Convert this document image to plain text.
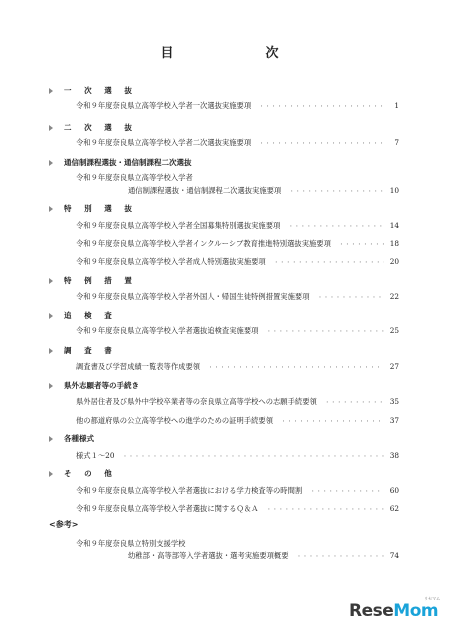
目　　次
一 次 選 抜
令和９年度奈良県立高等学校入学者一次選抜実施要項 ・・・・・・・・・・・・・・・・・・・・・・・・・・・・・・・・・・・・・・・・・・・・・・・・・・・・・・・・・・・・・・・・・・・・	1
二 次 選 抜
令和９年度奈良県立高等学校入学者二次選抜実施要項 ・・・・・・・・・・・・・・・・・・・・・・・・・・・・・・・・・・・・・・・・・・・・・・・・・・・・・・・・・・・・・・・・・・・・	7
通信制課程選抜・通信制課程二次選抜
令和９年度奈良県立高等学校入学者
通信制課程選抜・通信制課程二次選抜実施要項 ・・・・・・・・・・・・・・・・・・・・・・・・・・・・・・・・・・・・・・・・・・・・・・・・・・・・・・・・・・・・・・・・・・・・	10
特 別 選 抜
令和９年度奈良県立高等学校入学者全国募集特別選抜実施要項 ・・・・・・・・・・・・・・・・・・・・・・・・・・・・・・・・・・・・・・・・・・・・・・・・・・・・・・・・・・・・・・・・・・・・	14
令和９年度奈良県立高等学校入学者インクルーシブ教育推進特別選抜実施要項 ・・・・・・・・・・・・・・・・・・・・・・・・・・・・・・・・・・・・・・・・・・・・・・・・・・・・・・・・・・・・・・・・・・・・	18
令和９年度奈良県立高等学校入学者成人特別選抜実施要項 ・・・・・・・・・・・・・・・・・・・・・・・・・・・・・・・・・・・・・・・・・・・・・・・・・・・・・・・・・・・・・・・・・・・・	20
特 例 措 置
令和９年度奈良県立高等学校入学者外国人・帰国生徒特例措置実施要項 ・・・・・・・・・・・・・・・・・・・・・・・・・・・・・・・・・・・・・・・・・・・・・・・・・・・・・・・・・・・・・・・・・・・・	22
追 検 査
令和９年度奈良県立高等学校入学者選抜追検査実施要項 ・・・・・・・・・・・・・・・・・・・・・・・・・・・・・・・・・・・・・・・・・・・・・・・・・・・・・・・・・・・・・・・・・・・・	25
調 査 書
調査書及び学習成績一覧表等作成要領 ・・・・・・・・・・・・・・・・・・・・・・・・・・・・・・・・・・・・・・・・・・・・・・・・・・・・・・・・・・・・・・・・・・・・	27
県外志願者等の手続き
県外居住者及び県外中学校卒業者等の奈良県立高等学校への志願手続要領 ・・・・・・・・・・・・・・・・・・・・・・・・・・・・・・・・・・・・・・・・・・・・・・・・・・・・・・・・・・・・・・・・・・・・	35
他の都道府県の公立高等学校への進学のための証明手続要領 ・・・・・・・・・・・・・・・・・・・・・・・・・・・・・・・・・・・・・・・・・・・・・・・・・・・・・・・・・・・・・・・・・・・・	37
各種様式
様式１～20 ・・・・・・・・・・・・・・・・・・・・・・・・・・・・・・・・・・・・・・・・・・・・・・・・・・・・・・・・・・・・・・・・・・・・	38
そ の 他
令和９年度奈良県立高等学校入学者選抜における学力検査等の時間割 ・・・・・・・・・・・・・・・・・・・・・・・・・・・・・・・・・・・・・・・・・・・・・・・・・・・・・・・・・・・・・・・・・・・・	60
令和９年度奈良県立高等学校入学者選抜に関するＱ＆Ａ ・・・・・・・・・・・・・・・・・・・・・・・・・・・・・・・・・・・・・・・・・・・・・・・・・・・・・・・・・・・・・・・・・・・・	62
<参考>
令和９年度奈良県立特別支援学校
幼稚部・高等部等入学者選抜・選考実施要項概要 ・・・・・・・・・・・・・・・・・・・・・・・・・・・・・・・・・・・・・・・・・・・・・・・・・・・・・・・・・・・・・・・・・・・・	74
ReseMom
リセマム
